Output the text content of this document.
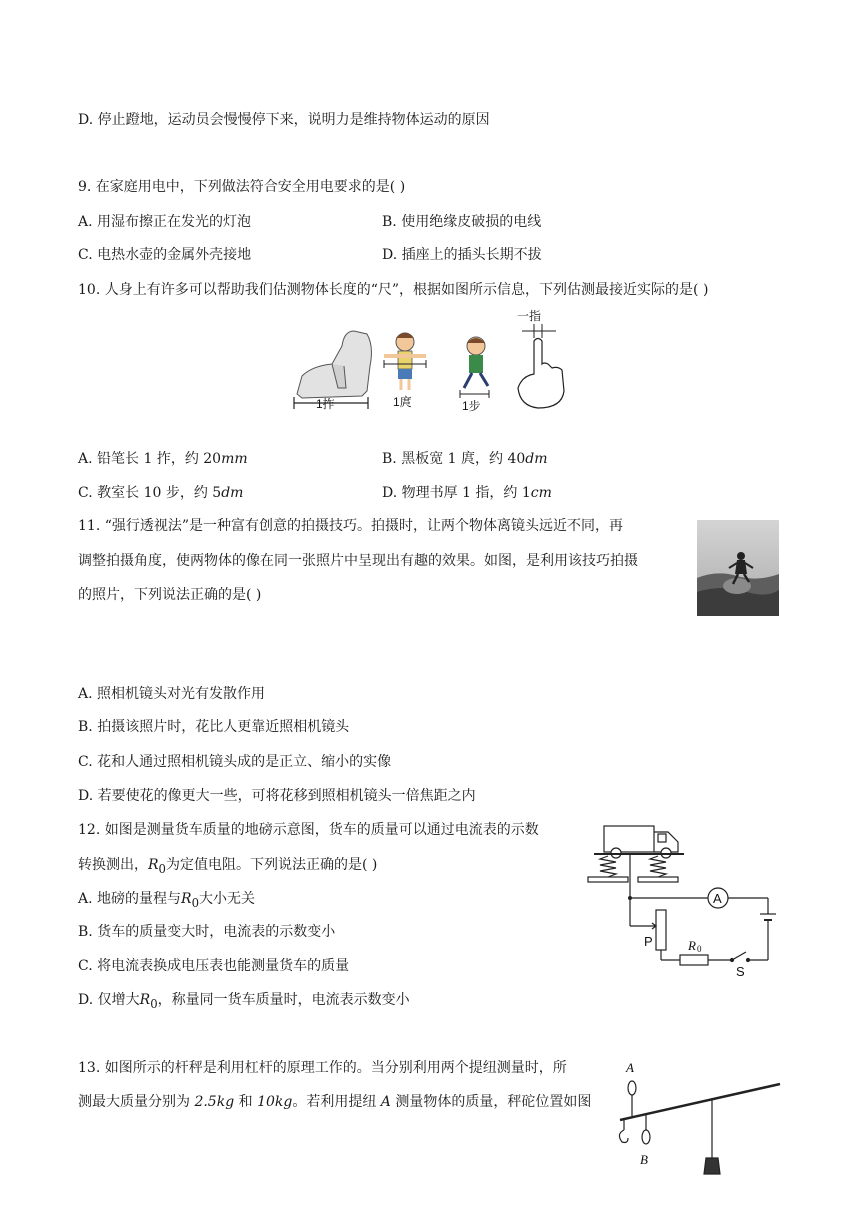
D. 停止蹬地，运动员会慢慢停下来，说明力是维持物体运动的原因
9. 在家庭用电中，下列做法符合安全用电要求的是( )
A. 用湿布擦正在发光的灯泡	B. 使用绝缘皮破损的电线
C. 电热水壶的金属外壳接地	D. 插座上的插头长期不拔
10. 人身上有许多可以帮助我们估测物体长度的“尺”，根据如图所示信息，下列估测最接近实际的是( )
1拃	1庹	1步
一指
A. 铅笔长 1 拃，约 20mm	B. 黑板宽 1 庹，约 40dm
C. 教室长 10 步，约 5dm	D. 物理书厚 1 指，约 1cm
11. “强行透视法”是一种富有创意的拍摄技巧。拍摄时，让两个物体离镜头远近不同，再
调整拍摄角度，使两物体的像在同一张照片中呈现出有趣的效果。如图，是利用该技巧拍摄
的照片，下列说法正确的是( )
A. 照相机镜头对光有发散作用
B. 拍摄该照片时，花比人更靠近照相机镜头
C. 花和人通过照相机镜头成的是正立、缩小的实像
D. 若要使花的像更大一些，可将花移到照相机镜头一倍焦距之内
12. 如图是测量货车质量的地磅示意图，货车的质量可以通过电流表的示数
转换测出，$R_0$为定值电阻。下列说法正确的是( )
A. 地磅的量程与$R_0$大小无关
B. 货车的质量变大时，电流表的示数变小
C. 将电流表换成电压表也能测量货车的质量
D. 仅增大$R_0$，称量同一货车质量时，电流表示数变小
A
P	R 0
S
13. 如图所示的杆秤是利用杠杆的原理工作的。当分别利用两个提纽测量时，所
测最大质量分别为 2.5kg 和 10kg。若利用提纽 A 测量物体的质量，秤砣位置如图
A
B
